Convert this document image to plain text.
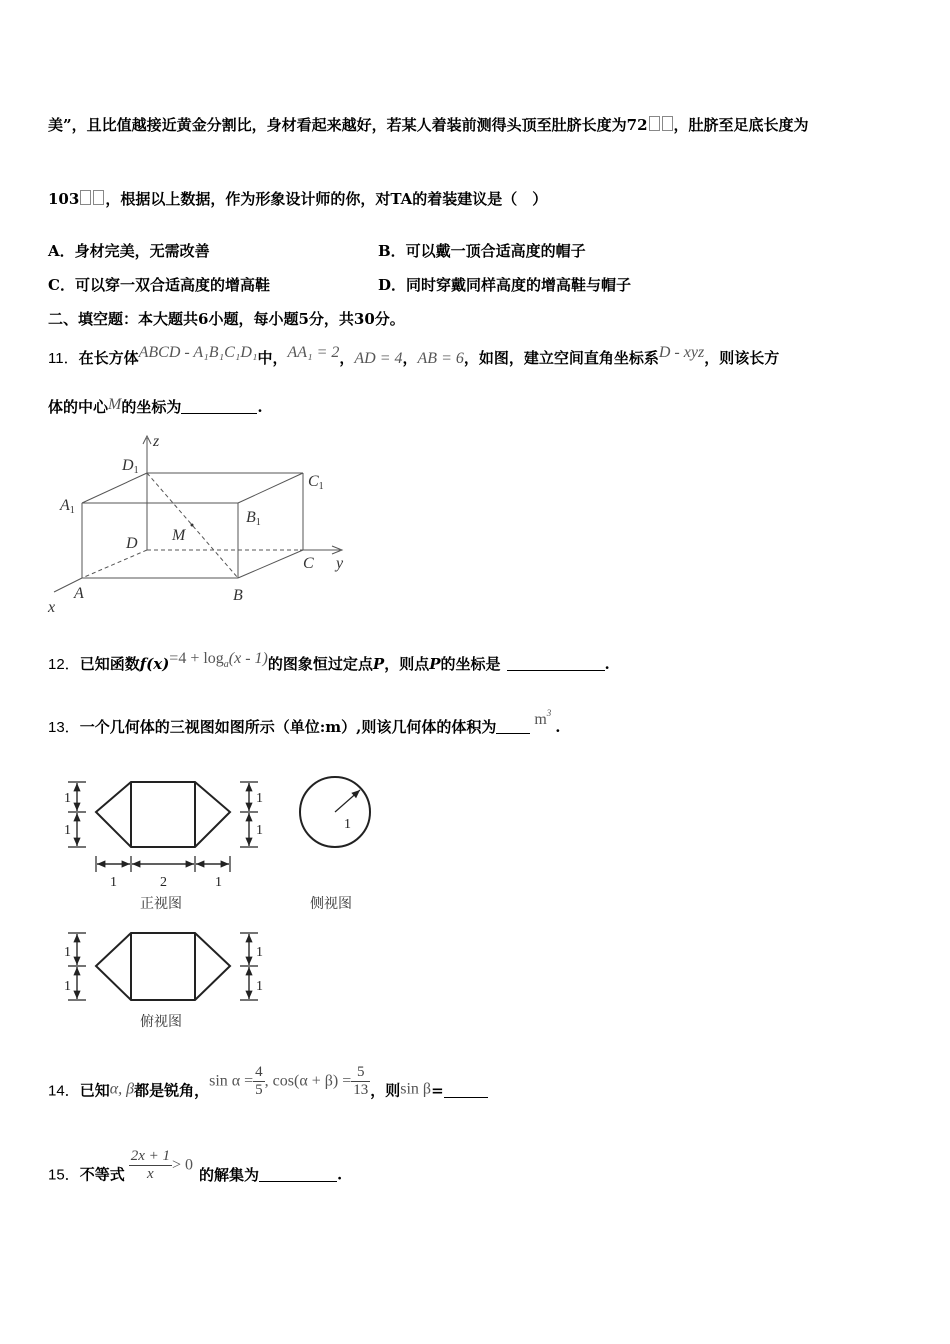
美”，且比值越接近黄金分割比，身材看起来越好，若某人着装前测得头顶至肚脐长度为72 ，肚脐至足底长度为
103 ，根据以上数据，作为形象设计师的你，对TA的着装建议是（　）
A．身材完美，无需改善	B．可以戴一顶合适高度的帽子
C．可以穿一双合适高度的增高鞋	D．同时穿戴同样高度的增高鞋与帽子
二、填空题：本大题共6小题，每小题5分，共30分。
11．在长方体ABCD - A₁B₁C₁D₁中，AA₁ = 2，AD = 4，AB = 6，如图，建立空间直角坐标系D - xyz，则该长方
体的中心M的坐标为	.
z
y
x
D1
C1
A1	B1
D M
C
A	B
12．已知函数f(x)=4 + loga(x - 1)的图象恒过定点P，则点P的坐标是	.
13．一个几何体的三视图如图所示（单位:m）,则该几何体的体积为 $m^3$.
1
1
1
1
1	2	1
1
1
1
1
1
正视图	侧视图
俯视图
14．已知α, β都是锐角，$\sin \alpha = \frac{4}{5}$ , $\cos(\alpha + \beta) = \frac{5}{13}$ ，则sin β=
15．不等式 $\frac{2x + 1}{x} > 0$的解集为	.
